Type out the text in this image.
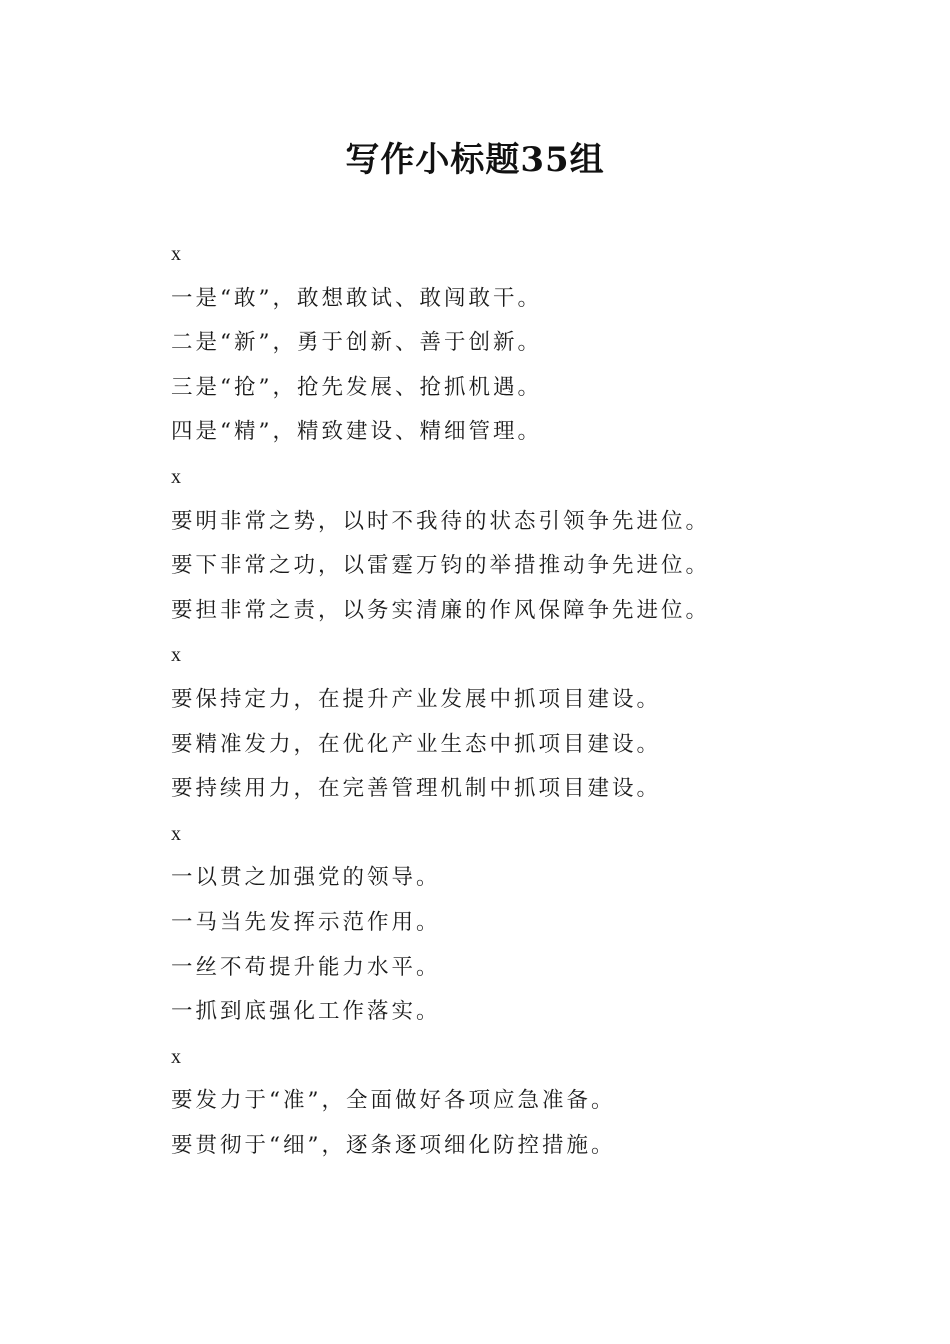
写作小标题35组
x
一是“敢”，敢想敢试、敢闯敢干。
二是“新”，勇于创新、善于创新。
三是“抢”，抢先发展、抢抓机遇。
四是“精”，精致建设、精细管理。
x
要明非常之势，以时不我待的状态引领争先进位。
要下非常之功，以雷霆万钧的举措推动争先进位。
要担非常之责，以务实清廉的作风保障争先进位。
x
要保持定力，在提升产业发展中抓项目建设。
要精准发力，在优化产业生态中抓项目建设。
要持续用力，在完善管理机制中抓项目建设。
x
一以贯之加强党的领导。
一马当先发挥示范作用。
一丝不苟提升能力水平。
一抓到底强化工作落实。
x
要发力于“准”，全面做好各项应急准备。
要贯彻于“细”，逐条逐项细化防控措施。
